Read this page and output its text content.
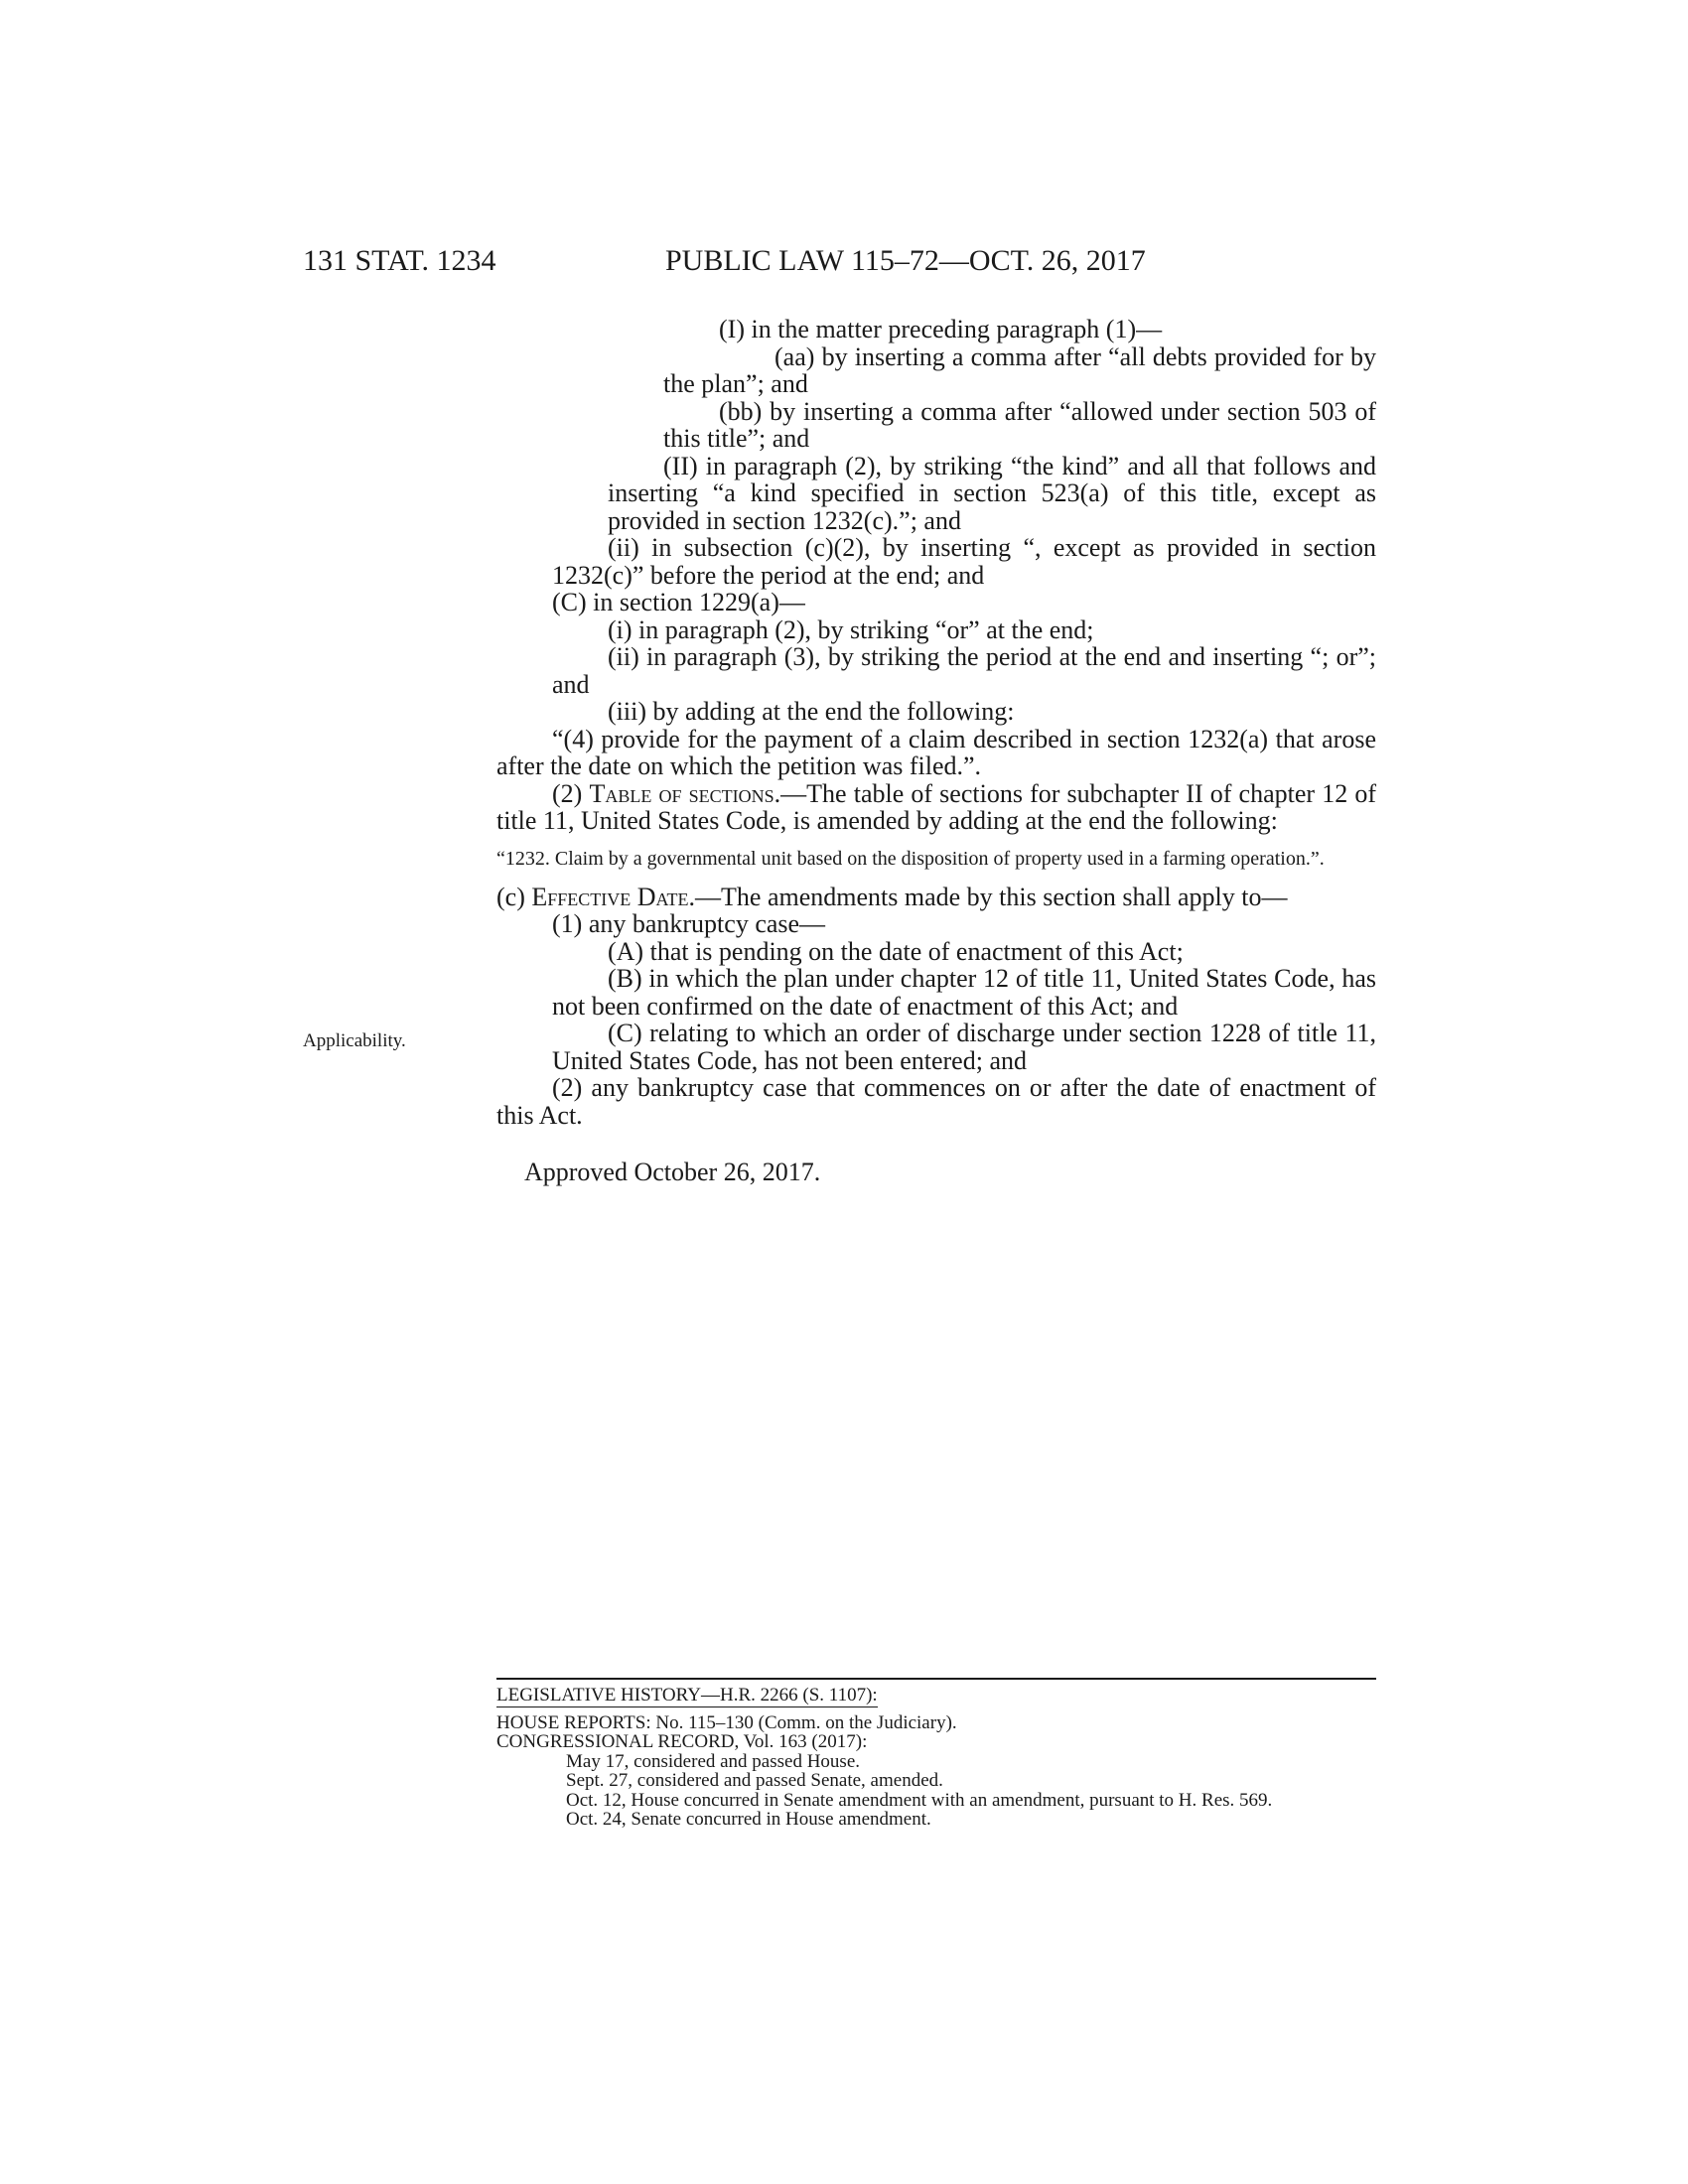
131 STAT. 1234	PUBLIC LAW 115–72—OCT. 26, 2017
Applicability.
(I) in the matter preceding paragraph (1)—
(aa) by inserting a comma after “all debts provided for by the plan”; and
(bb) by inserting a comma after “allowed under section 503 of this title”; and
(II) in paragraph (2), by striking “the kind” and all that follows and inserting “a kind specified in section 523(a) of this title, except as provided in section 1232(c).”; and
(ii) in subsection (c)(2), by inserting “, except as provided in section 1232(c)” before the period at the end; and
(C) in section 1229(a)—
(i) in paragraph (2), by striking “or” at the end;
(ii) in paragraph (3), by striking the period at the end and inserting “; or”; and
(iii) by adding at the end the following:
“(4) provide for the payment of a claim described in section 1232(a) that arose after the date on which the petition was filed.”.
(2) Table of sections.—The table of sections for subchapter II of chapter 12 of title 11, United States Code, is amended by adding at the end the following:
“1232. Claim by a governmental unit based on the disposition of property used in a farming operation.”.
(c) Effective Date.—The amendments made by this section shall apply to—
(1) any bankruptcy case—
(A) that is pending on the date of enactment of this Act;
(B) in which the plan under chapter 12 of title 11, United States Code, has not been confirmed on the date of enactment of this Act; and
(C) relating to which an order of discharge under section 1228 of title 11, United States Code, has not been entered; and
(2) any bankruptcy case that commences on or after the date of enactment of this Act.
Approved October 26, 2017.
LEGISLATIVE HISTORY—H.R. 2266 (S. 1107):
HOUSE REPORTS: No. 115–130 (Comm. on the Judiciary).
CONGRESSIONAL RECORD, Vol. 163 (2017):
May 17, considered and passed House.
Sept. 27, considered and passed Senate, amended.
Oct. 12, House concurred in Senate amendment with an amendment, pursuant to H. Res. 569.
Oct. 24, Senate concurred in House amendment.
